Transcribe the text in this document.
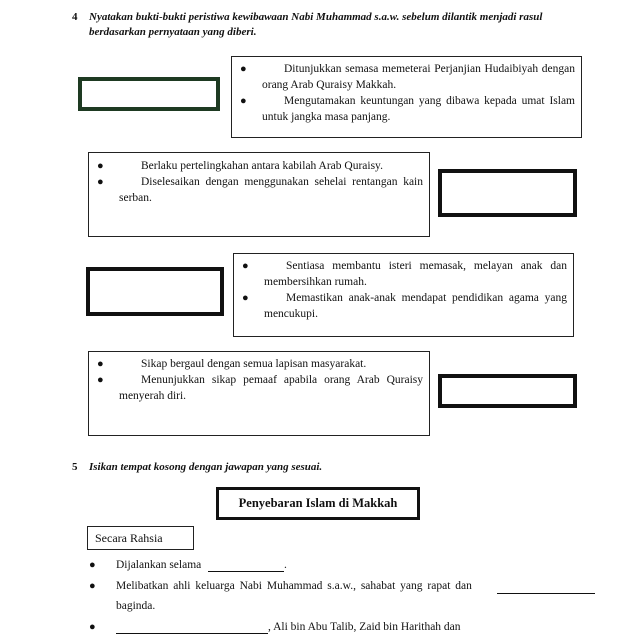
4 Nyatakan bukti-bukti peristiwa kewibawaan Nabi Muhammad s.a.w. sebelum dilantik menjadi rasul
berdasarkan pernyataan yang diberi.

●	Ditunjukkan semasa memeterai Perjanjian Hudaibiyah dengan orang Arab Quraisy Makkah.

●	Mengutamakan keuntungan yang dibawa kepada umat Islam untuk jangka masa panjang.

●	Berlaku pertelingkahan antara kabilah Arab Quraisy.

●	Diselesaikan dengan menggunakan sehelai rentangan kain serban.

●	Sentiasa membantu isteri memasak, melayan anak dan membersihkan rumah.

●	Memastikan anak-anak mendapat pendidikan agama yang mencukupi.

●	Sikap bergaul dengan semua lapisan masyarakat.

●	Menunjukkan sikap pemaaf apabila orang Arab Quraisy menyerah diri.

5 Isikan tempat kosong dengan jawapan yang sesuai.
Penyebaran Islam di Makkah
Secara Rahsia
● Dijalankan selama	.
● Melibatkan ahli keluarga Nabi Muhammad s.a.w., sahabat yang rapat dan
baginda.
●	, Ali bin Abu Talib, Zaid bin Harithah dan
